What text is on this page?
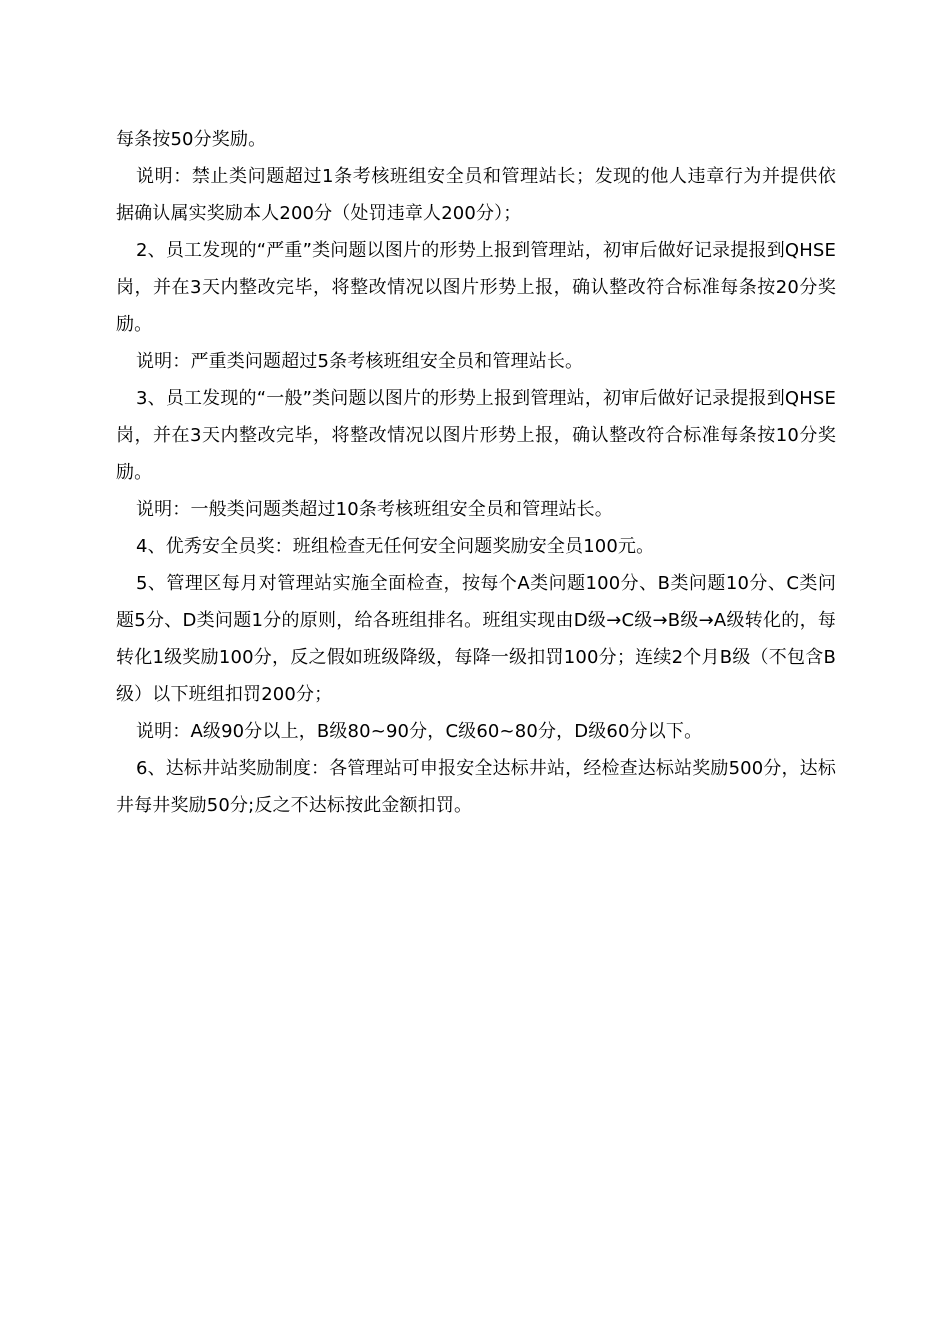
每条按50分奖励。

说明：禁止类问题超过1条考核班组安全员和管理站长；发现的他人违章行为并提供依据确认属实奖励本人200分（处罚违章人200分）；

2、员工发现的“严重”类问题以图片的形势上报到管理站，初审后做好记录提报到QHSE岗，并在3天内整改完毕，将整改情况以图片形势上报，确认整改符合标准每条按20分奖励。

说明：严重类问题超过5条考核班组安全员和管理站长。

3、员工发现的“一般”类问题以图片的形势上报到管理站，初审后做好记录提报到QHSE岗，并在3天内整改完毕，将整改情况以图片形势上报，确认整改符合标准每条按10分奖励。

说明：一般类问题类超过10条考核班组安全员和管理站长。

4、优秀安全员奖：班组检查无任何安全问题奖励安全员100元。

5、管理区每月对管理站实施全面检查，按每个A类问题100分、B类问题10分、C类问题5分、D类问题1分的原则，给各班组排名。班组实现由D级→C级→B级→A级转化的，每转化1级奖励100分，反之假如班级降级，每降一级扣罚100分；连续2个月B级（不包含B级）以下班组扣罚200分；

说明：A级90分以上，B级80~90分，C级60~80分，D级60分以下。

6、达标井站奖励制度：各管理站可申报安全达标井站，经检查达标站奖励500分，达标井每井奖励50分;反之不达标按此金额扣罚。
